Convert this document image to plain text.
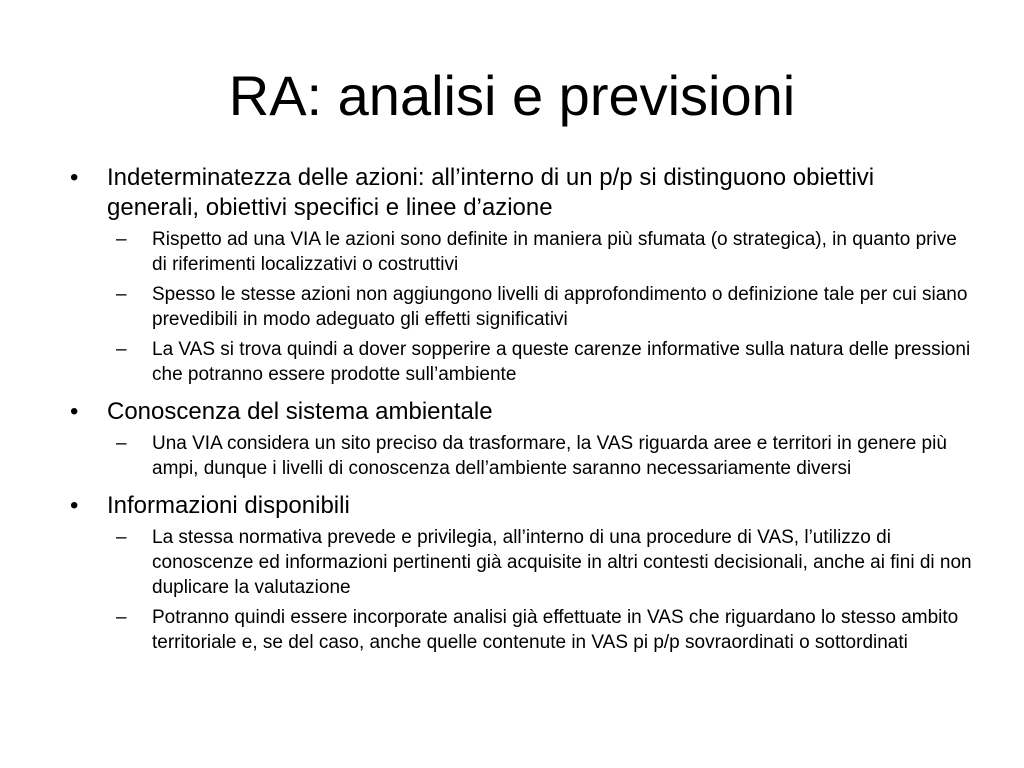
RA: analisi e previsioni
• Indeterminatezza delle azioni: all’interno di un p/p si distinguono obiettivi generali, obiettivi specifici e linee d’azione
– Rispetto ad una VIA le azioni sono definite in maniera più sfumata (o strategica), in quanto prive di riferimenti localizzativi o costruttivi
– Spesso le stesse azioni non aggiungono livelli di approfondimento o definizione tale per cui siano prevedibili in modo adeguato gli effetti significativi
– La VAS si trova quindi a dover sopperire a queste carenze informative sulla natura delle pressioni che potranno essere prodotte sull’ambiente
• Conoscenza del sistema ambientale
– Una VIA considera un sito preciso da trasformare, la VAS riguarda aree e territori in genere più ampi, dunque i livelli di conoscenza dell’ambiente saranno necessariamente diversi
• Informazioni disponibili
– La stessa normativa prevede e privilegia, all’interno di una procedure di VAS, l’utilizzo di conoscenze ed informazioni pertinenti già acquisite in altri contesti decisionali, anche ai fini di non duplicare la valutazione
– Potranno quindi essere incorporate analisi già effettuate in VAS che riguardano lo stesso ambito territoriale e, se del caso, anche quelle contenute in VAS pi p/p sovraordinati o sottordinati
